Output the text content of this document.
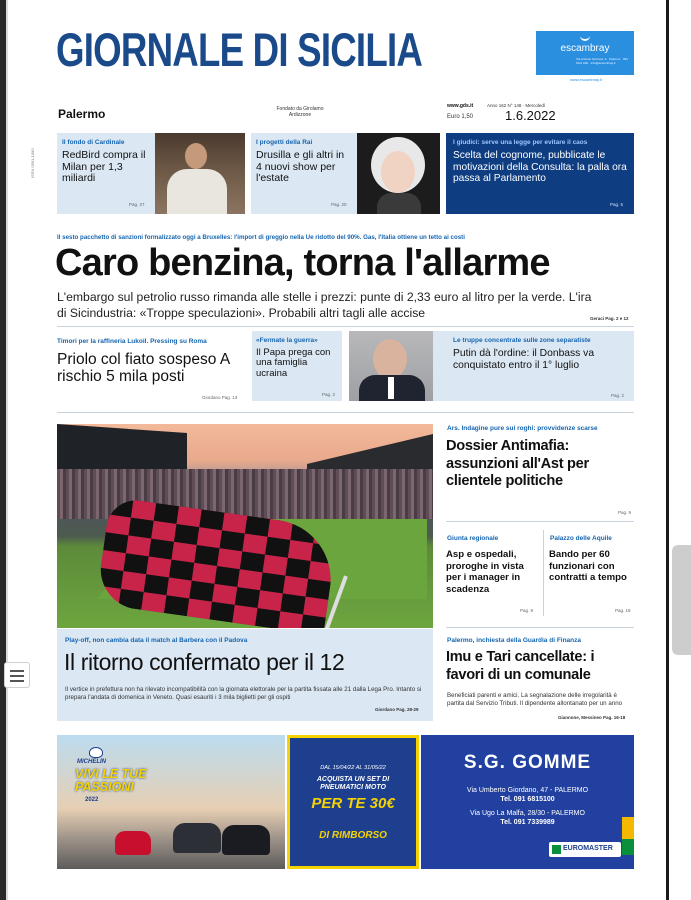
GIORNALE DI SICILIA	escambray
Via Antonio Gramsci, 6 · Palermo · 091 6111 000 · info@escambray.it
www.escambray.it
Palermo	Fondato da Girolamo Ardizzone
www.gds.it	Anno 162 N° 148 · Mercoledì
Euro 1,50 1.6.2022
ISSN 0391-1990
Il fondo di Cardinale
RedBird compra il Milan per 1,3 miliardi
Pag. 27
I progetti della Rai
Drusilla e gli altri in 4 nuovi show per l'estate
Pag. 20
I giudici: serve una legge per evitare il caos
Scelta del cognome, pubblicate le motivazioni della Consulta: la palla ora passa al Parlamento
Pag. 5
Il sesto pacchetto di sanzioni formalizzato oggi a Bruxelles: l'import di greggio nella Ue ridotto del 90%. Gas, l'Italia ottiene un tetto ai costi
Caro benzina, torna l'allarme
L'embargo sul petrolio russo rimanda alle stelle i prezzi: punte di 2,33 euro al litro per la verde. L'ira di Sicindustria: «Troppe speculazioni». Probabili altri tagli alle accise	Geraci Pag. 2 e 12
Timori per la raffineria Lukoil. Pressing su Roma
Priolo col fiato sospeso A rischio 5 mila posti
Giordano Pag. 13
«Fermate la guerra»
Il Papa prega con una famiglia ucraina
Pag. 2
Le truppe concentrate sulle zone separatiste
Putin dà l'ordine: il Donbass va conquistato entro il 1° luglio
Pag. 2
Play-off, non cambia data il match al Barbera con il Padova
Il ritorno confermato per il 12
Il vertice in prefettura non ha rilevato incompatibilità con la giornata elettorale per la partita fissata alle 21 dalla Lega Pro. Intanto si prepara l'andata di domenica in Veneto. Quasi esauriti i 3 mila biglietti per gli ospiti
Giordano Pag. 28-29
Ars. Indagine pure sui roghi: provvidenze scarse
Dossier Antimafia: assunzioni all'Ast per clientele politiche
Pag. 9
Giunta regionale
Asp e ospedali, proroghe in vista per i manager in scadenza
Pag. 9
Palazzo delle Aquile
Bando per 60 funzionari con contratti a tempo
Pag. 18
Palermo, inchiesta della Guardia di Finanza
Imu e Tari cancellate: i favori di un comunale
Beneficiati parenti e amici. La segnalazione delle irregolarità è partita dal Servizio Tributi. Il dipendente allontanato per un anno
Giannone, Messineo Pag. 16-18
MICHELIN
VIVI LE TUE PASSIONI
2022
DAL 15/04/22 AL 31/05/22
ACQUISTA UN SET DI PNEUMATICI MOTO
PER TE 30€
DI RIMBORSO
S.G. GOMME
Via Umberto Giordano, 47 - PALERMO
Tel. 091 6815100
Via Ugo La Malfa, 28/30 - PALERMO
Tel. 091 7339989
EUROMASTER
